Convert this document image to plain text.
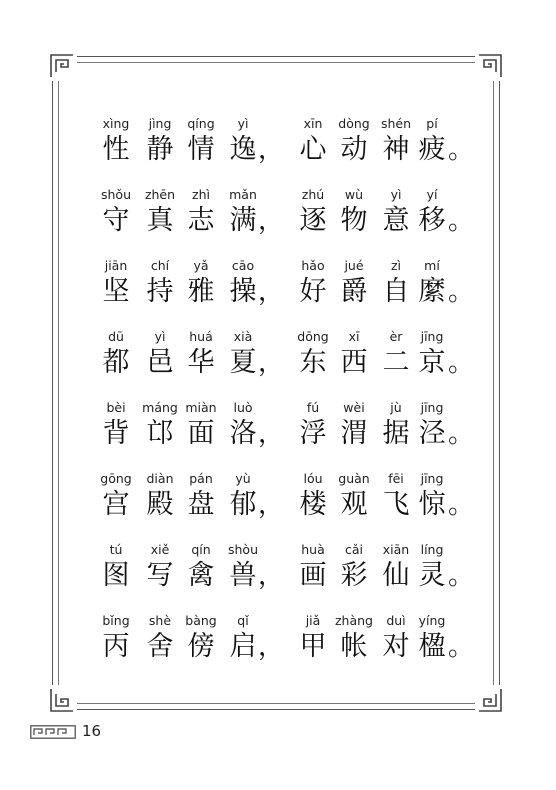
xìng
性
jìng
静
qíng
情
yì
逸 ，
xīn
心
dòng
动
shén
神
pí
疲 。
shǒu
守
zhēn
真
zhì
志
mǎn
满 ，
zhú
逐
wù
物
yì
意
yí
移 。
jiān
坚
chí
持
yǎ
雅
cāo
操 ，
hǎo
好
jué
爵
zì
自
mí
縻 。
dū
都
yì
邑
huá
华
xià
夏 ，
dōng
东
xī
西
èr
二
jīng
京 。
bèi
背
máng
邙
miàn
面
luò
洛 ，
fú
浮
wèi
渭
jù
据
jīng
泾 。
gōng
宫
diàn
殿
pán
盘
yù
郁 ，
lóu
楼
guàn
观
fēi
飞
jīng
惊 。
tú
图
xiě
写
qín
禽
shòu
兽 ，
huà
画
cǎi
彩
xiān
仙
líng
灵 。
bǐng
丙
shè
舍
bàng
傍
qǐ
启 ，
jiǎ
甲
zhàng
帐
duì
对
yíng
楹 。
16
